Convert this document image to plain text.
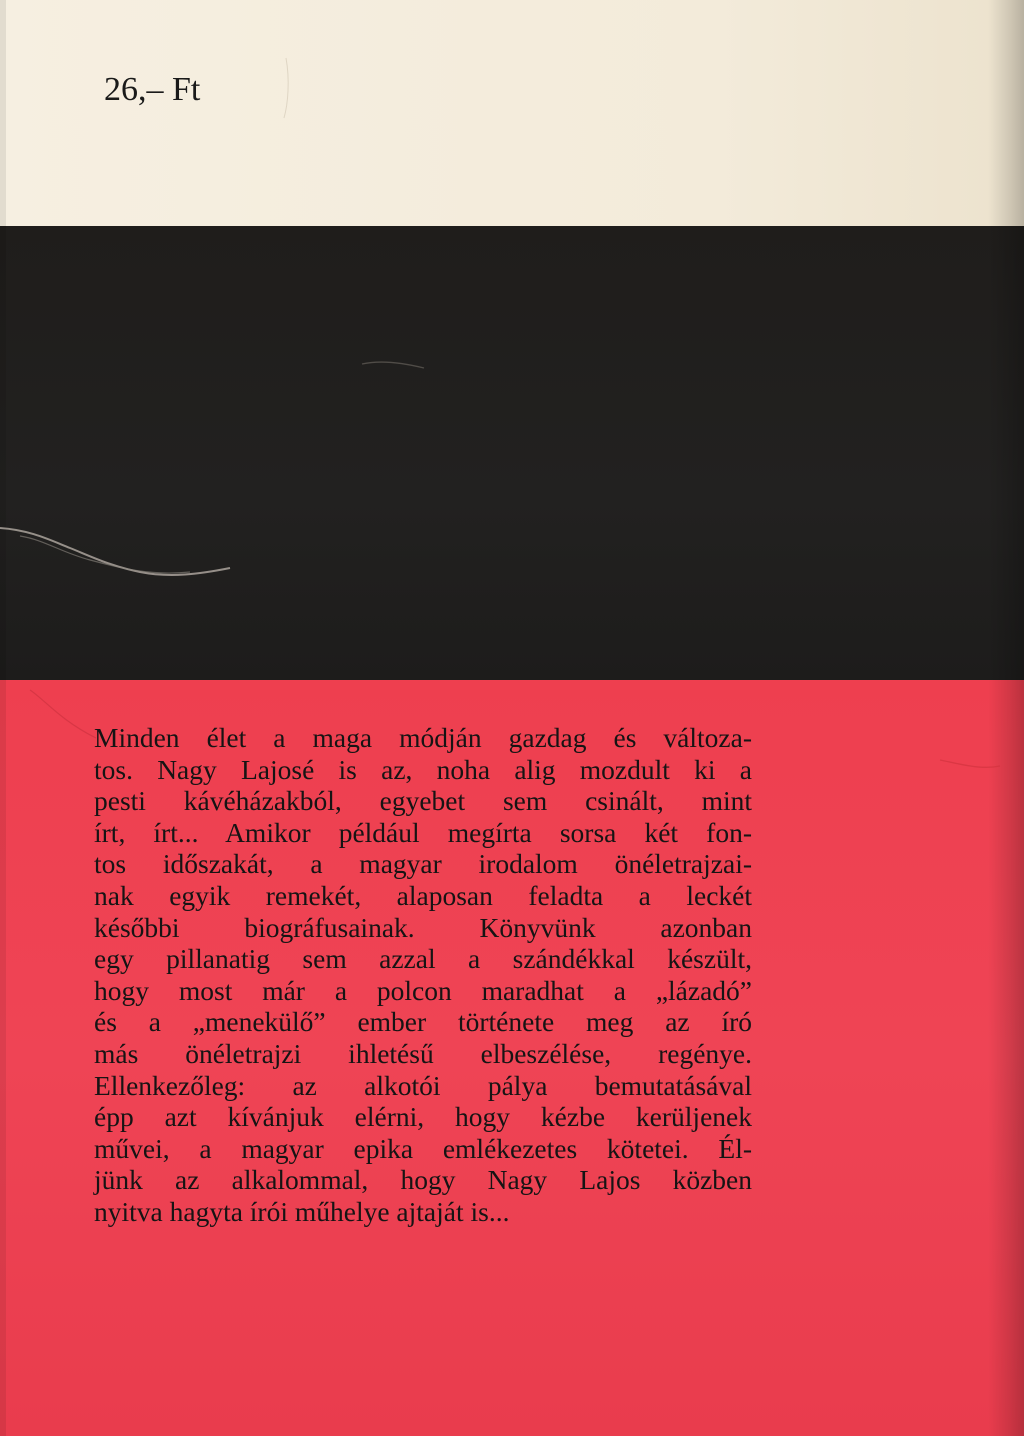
26,– Ft

Minden élet a maga módján gazdag és változa-
tos. Nagy Lajosé is az, noha alig mozdult ki a
pesti kávéházakból, egyebet sem csinált, mint
írt, írt... Amikor például megírta sorsa két fon-
tos időszakát, a magyar irodalom önéletrajzai-
nak egyik remekét, alaposan feladta a leckét
későbbi biográfusainak. Könyvünk azonban
egy pillanatig sem azzal a szándékkal készült,
hogy most már a polcon maradhat a „lázadó”
és a „menekülő” ember története meg az író
más önéletrajzi ihletésű elbeszélése, regénye.
Ellenkezőleg: az alkotói pálya bemutatásával
épp azt kívánjuk elérni, hogy kézbe kerüljenek
művei, a magyar epika emlékezetes kötetei. Él-
jünk az alkalommal, hogy Nagy Lajos közben
nyitva hagyta írói műhelye ajtaját is...
